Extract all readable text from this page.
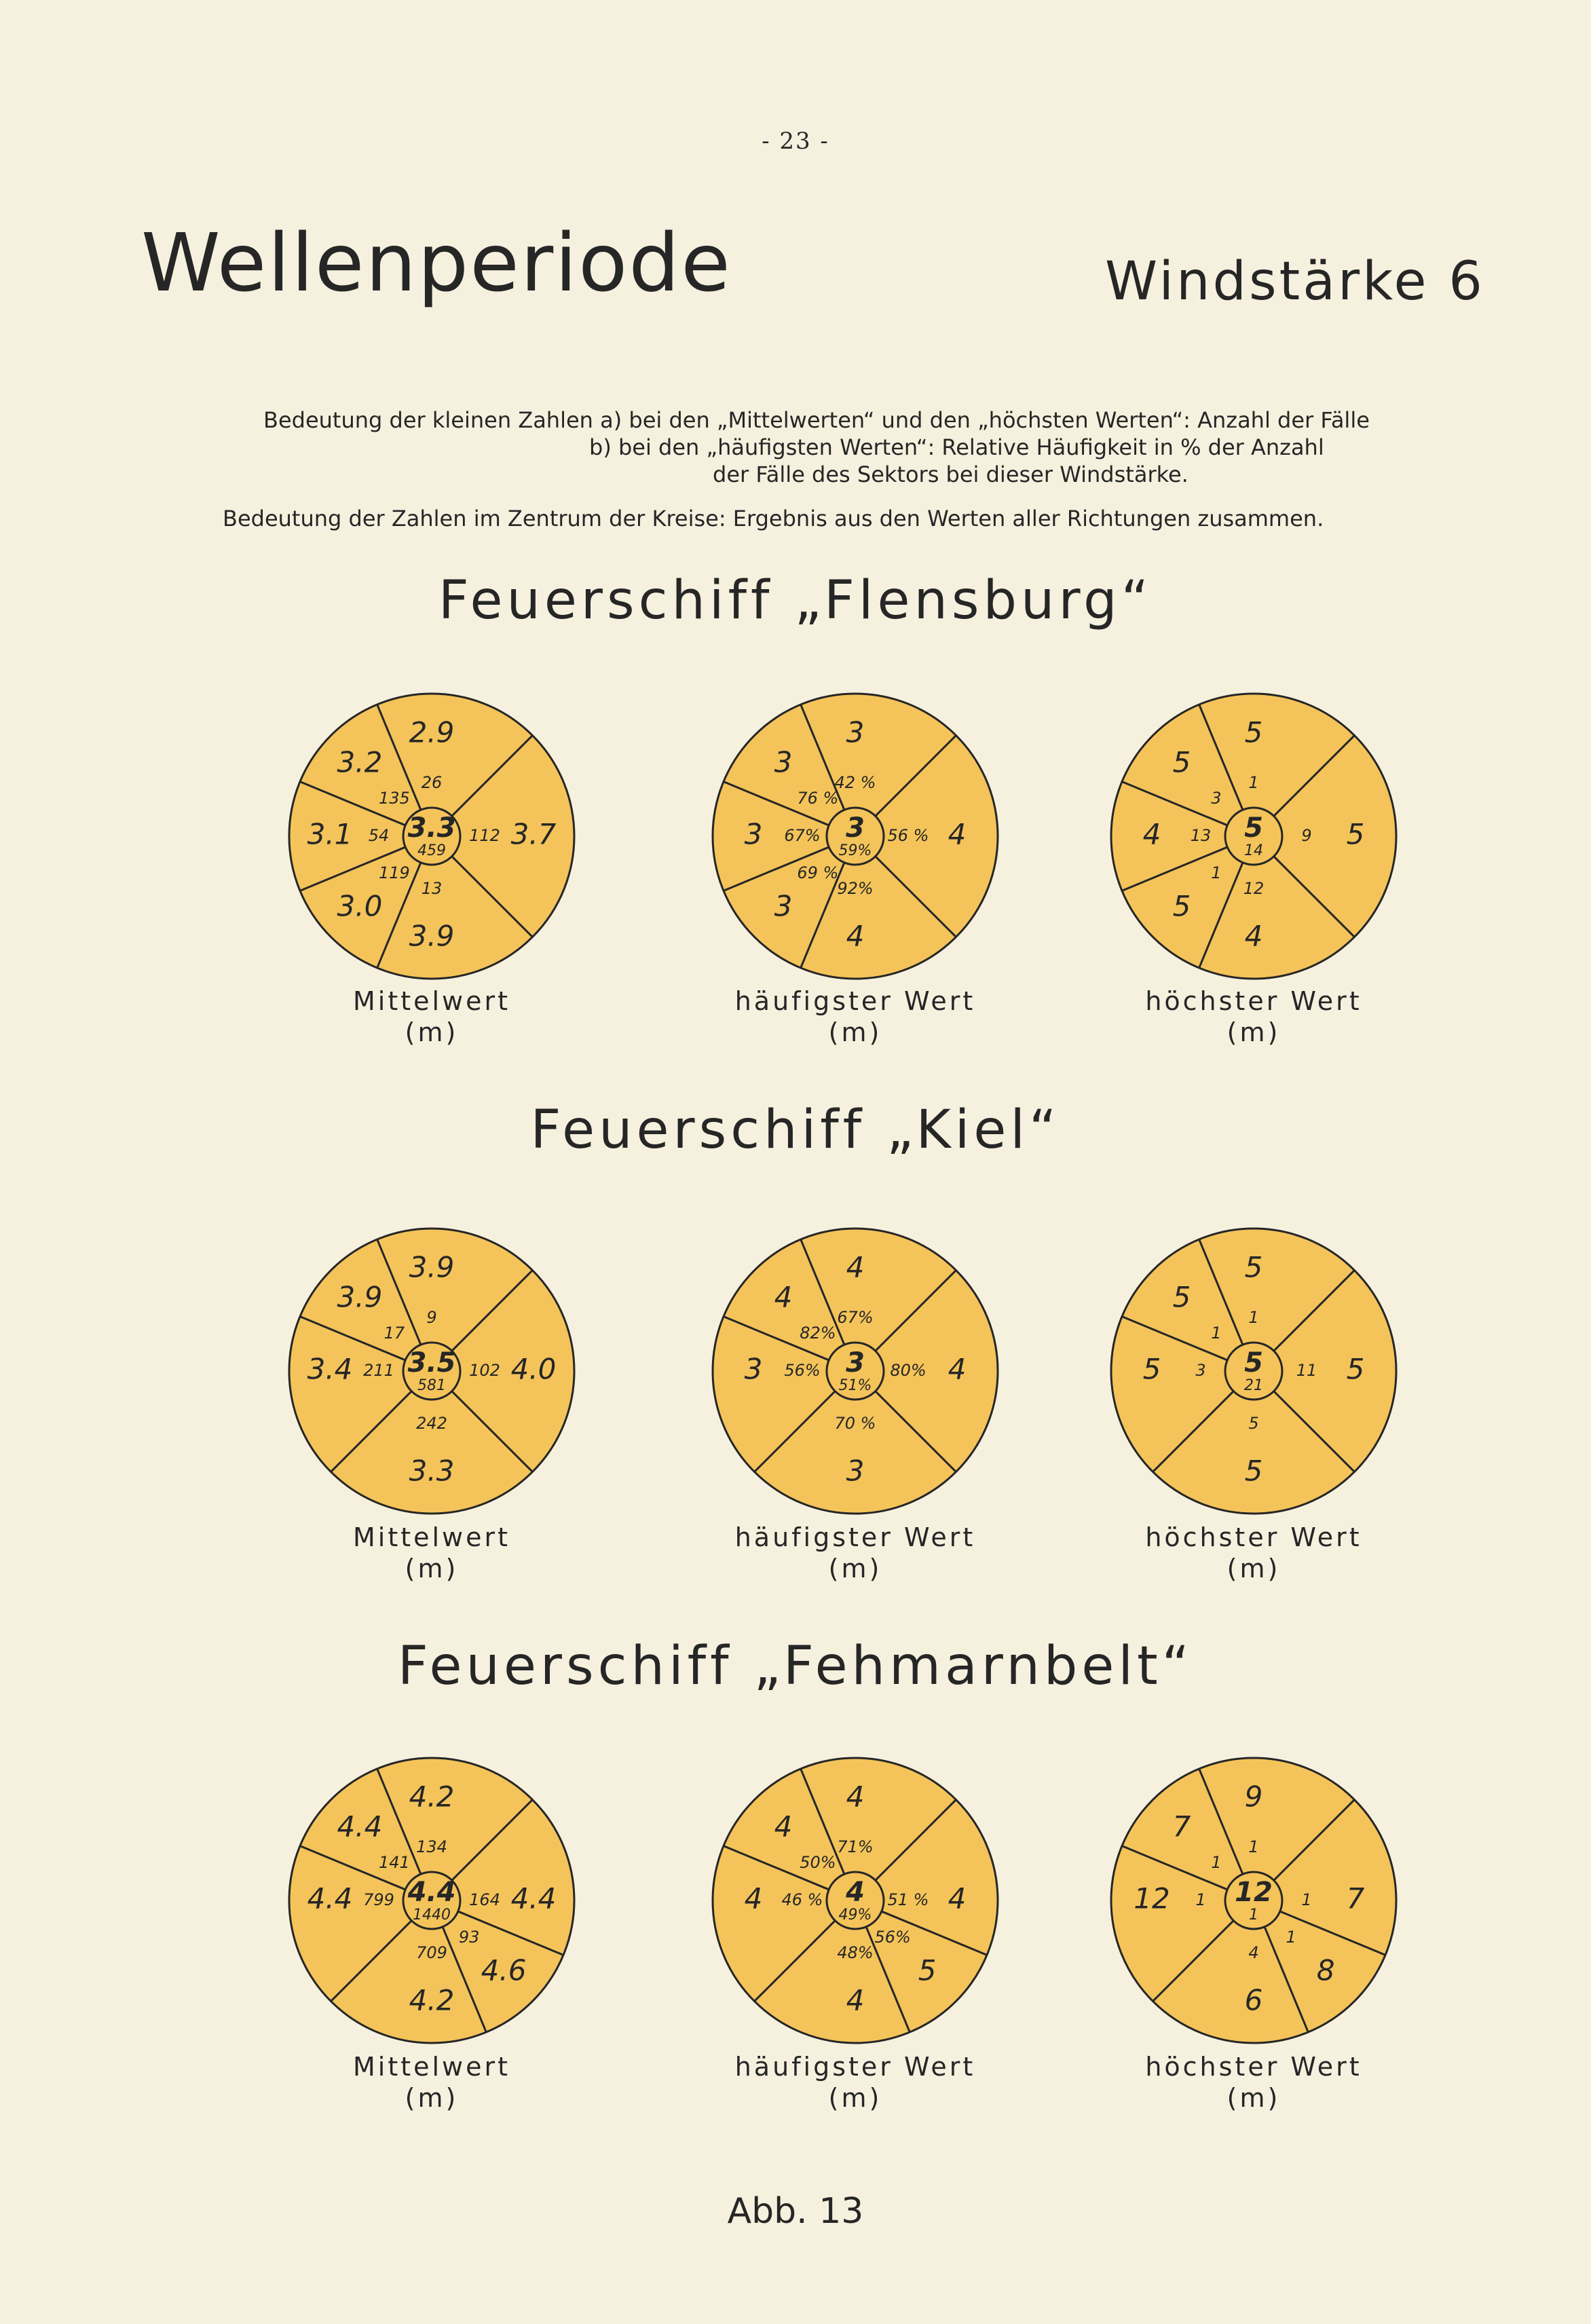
- 23 -
Wellenperiode	Windstärke 6
Bedeutung der kleinen Zahlen a) bei den „Mittelwerten“ und den „höchsten Werten“: Anzahl der Fälle
b) bei den „häufigsten Werten“: Relative Häufigkeit in % der Anzahl
der Fälle des Sektors bei dieser Windstärke.
Bedeutung der Zahlen im Zentrum der Kreise: Ergebnis aus den Werten aller Richtungen zusammen.
Feuerschiff „Flensburg“
Feuerschiff „Kiel“
Feuerschiff „Fehmarnbelt“
2.9
26
3.7
112
3.9
13
3.0
119
3.1 54
3.2
135
3.3
459
3
42 %
4
56 %
4
92%
3
69 %
3 67%
3
76 %
3
59%
5
1
5
9
4
12
5
1
4 13
5
3
5
14
3.9
9
4.0
102
3.3
242
3.4 211
3.9
17
3.5
581
4
67%
4
80%
3
70 %
3 56%
4
82%
3
51%
5
1
5
11
5
5
5 3
5
1
5
21
4.2
134
4.4
164
4.6
93
4.2
709
4.4 799
4.4
141
4.4
1440
4
71%
4
51 %
5
56%
4
48%
4 46 %
4
50%
4
49%
9
1
7
1
8
1
6
4
12 1
7
1
12
1
Mittelwert
(m)
häufigster Wert
(m)
höchster Wert
(m)
Mittelwert
(m)
häufigster Wert
(m)
höchster Wert
(m)
Mittelwert
(m)
häufigster Wert
(m)
höchster Wert
(m)
Abb. 13
